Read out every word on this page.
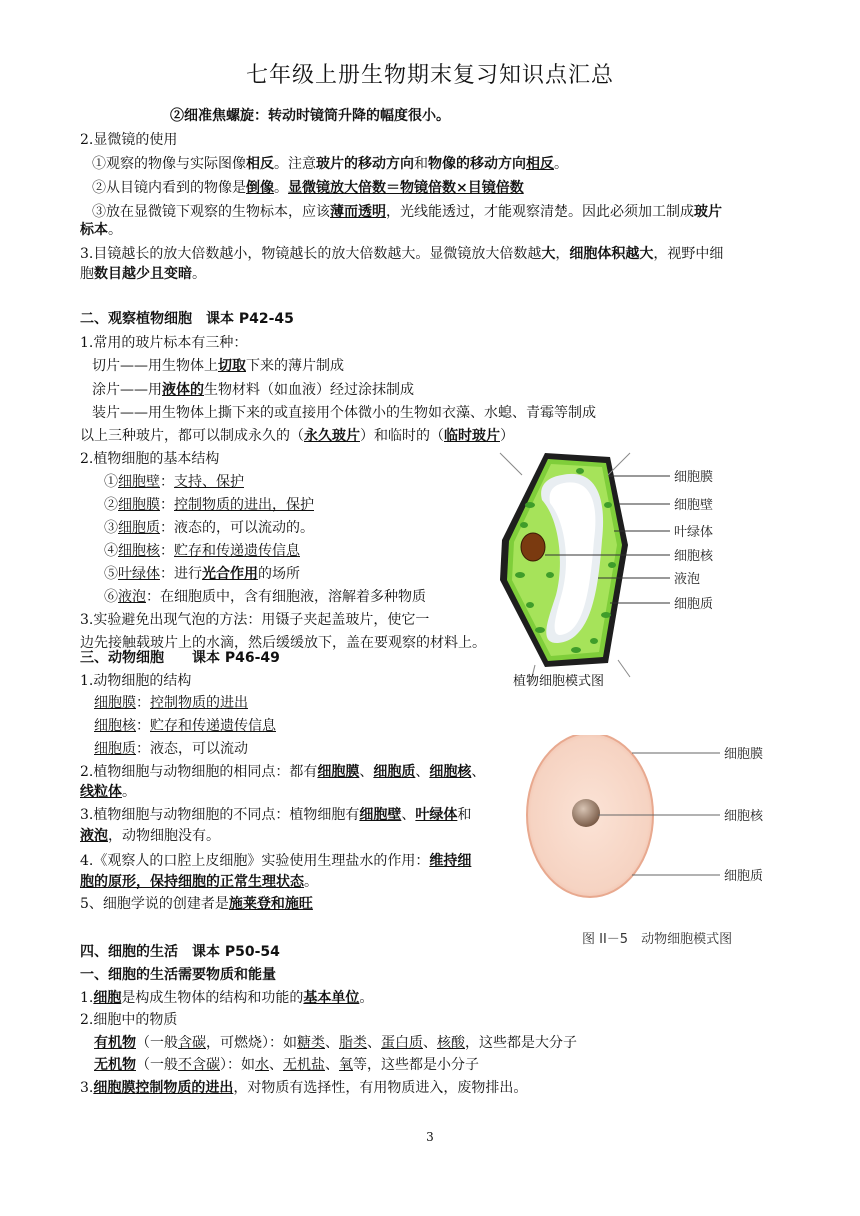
七年级上册生物期末复习知识点汇总
②细准焦螺旋：转动时镜筒升降的幅度很小。
2.显微镜的使用
①观察的物像与实际图像相反。注意玻片的移动方向和物像的移动方向相反。
②从目镜内看到的物像是倒像。显微镜放大倍数＝物镜倍数×目镜倍数
③放在显微镜下观察的生物标本，应该薄而透明，光线能透过，才能观察清楚。因此必须加工制成玻片
标本。
3.目镜越长的放大倍数越小，物镜越长的放大倍数越大。显微镜放大倍数越大，细胞体积越大，视野中细
胞数目越少且变暗。
二、观察植物细胞　课本 P42-45
1.常用的玻片标本有三种：
切片——用生物体上切取下来的薄片制成
涂片——用液体的生物材料（如血液）经过涂抹制成
装片——用生物体上撕下来的或直接用个体微小的生物如衣藻、水螅、青霉等制成
以上三种玻片，都可以制成永久的（永久玻片）和临时的（临时玻片）
2.植物细胞的基本结构
①细胞壁：支持、保护
②细胞膜：控制物质的进出，保护
③细胞质：液态的，可以流动的。
④细胞核：贮存和传递遗传信息
⑤叶绿体：进行光合作用的场所
⑥液泡：在细胞质中，含有细胞液，溶解着多种物质
3.实验避免出现气泡的方法：用镊子夹起盖玻片，使它一
边先接触载玻片上的水滴，然后缓缓放下，盖在要观察的材料上。
细胞膜
细胞壁
叶绿体
细胞核
液泡
细胞质
植物细胞模式图
三、动物细胞　　课本 P46-49
1.动物细胞的结构
细胞膜：控制物质的进出
细胞核：贮存和传递遗传信息
细胞质：液态，可以流动
2.植物细胞与动物细胞的相同点：都有细胞膜、细胞质、细胞核、
线粒体。
3.植物细胞与动物细胞的不同点：植物细胞有细胞壁、叶绿体和
液泡，动物细胞没有。
4.《观察人的口腔上皮细胞》实验使用生理盐水的作用：维持细
胞的原形，保持细胞的正常生理状态。
5、细胞学说的创建者是施莱登和施旺
细胞膜
细胞核
细胞质
图 II－5　动物细胞模式图
四、细胞的生活　课本 P50-54
一、细胞的生活需要物质和能量
1.细胞是构成生物体的结构和功能的基本单位。
2.细胞中的物质
有机物（一般含碳，可燃烧）：如糖类、脂类、蛋白质、核酸，这些都是大分子
无机物（一般不含碳）：如水、无机盐、氧等，这些都是小分子
3.细胞膜控制物质的进出，对物质有选择性，有用物质进入，废物排出。
3
